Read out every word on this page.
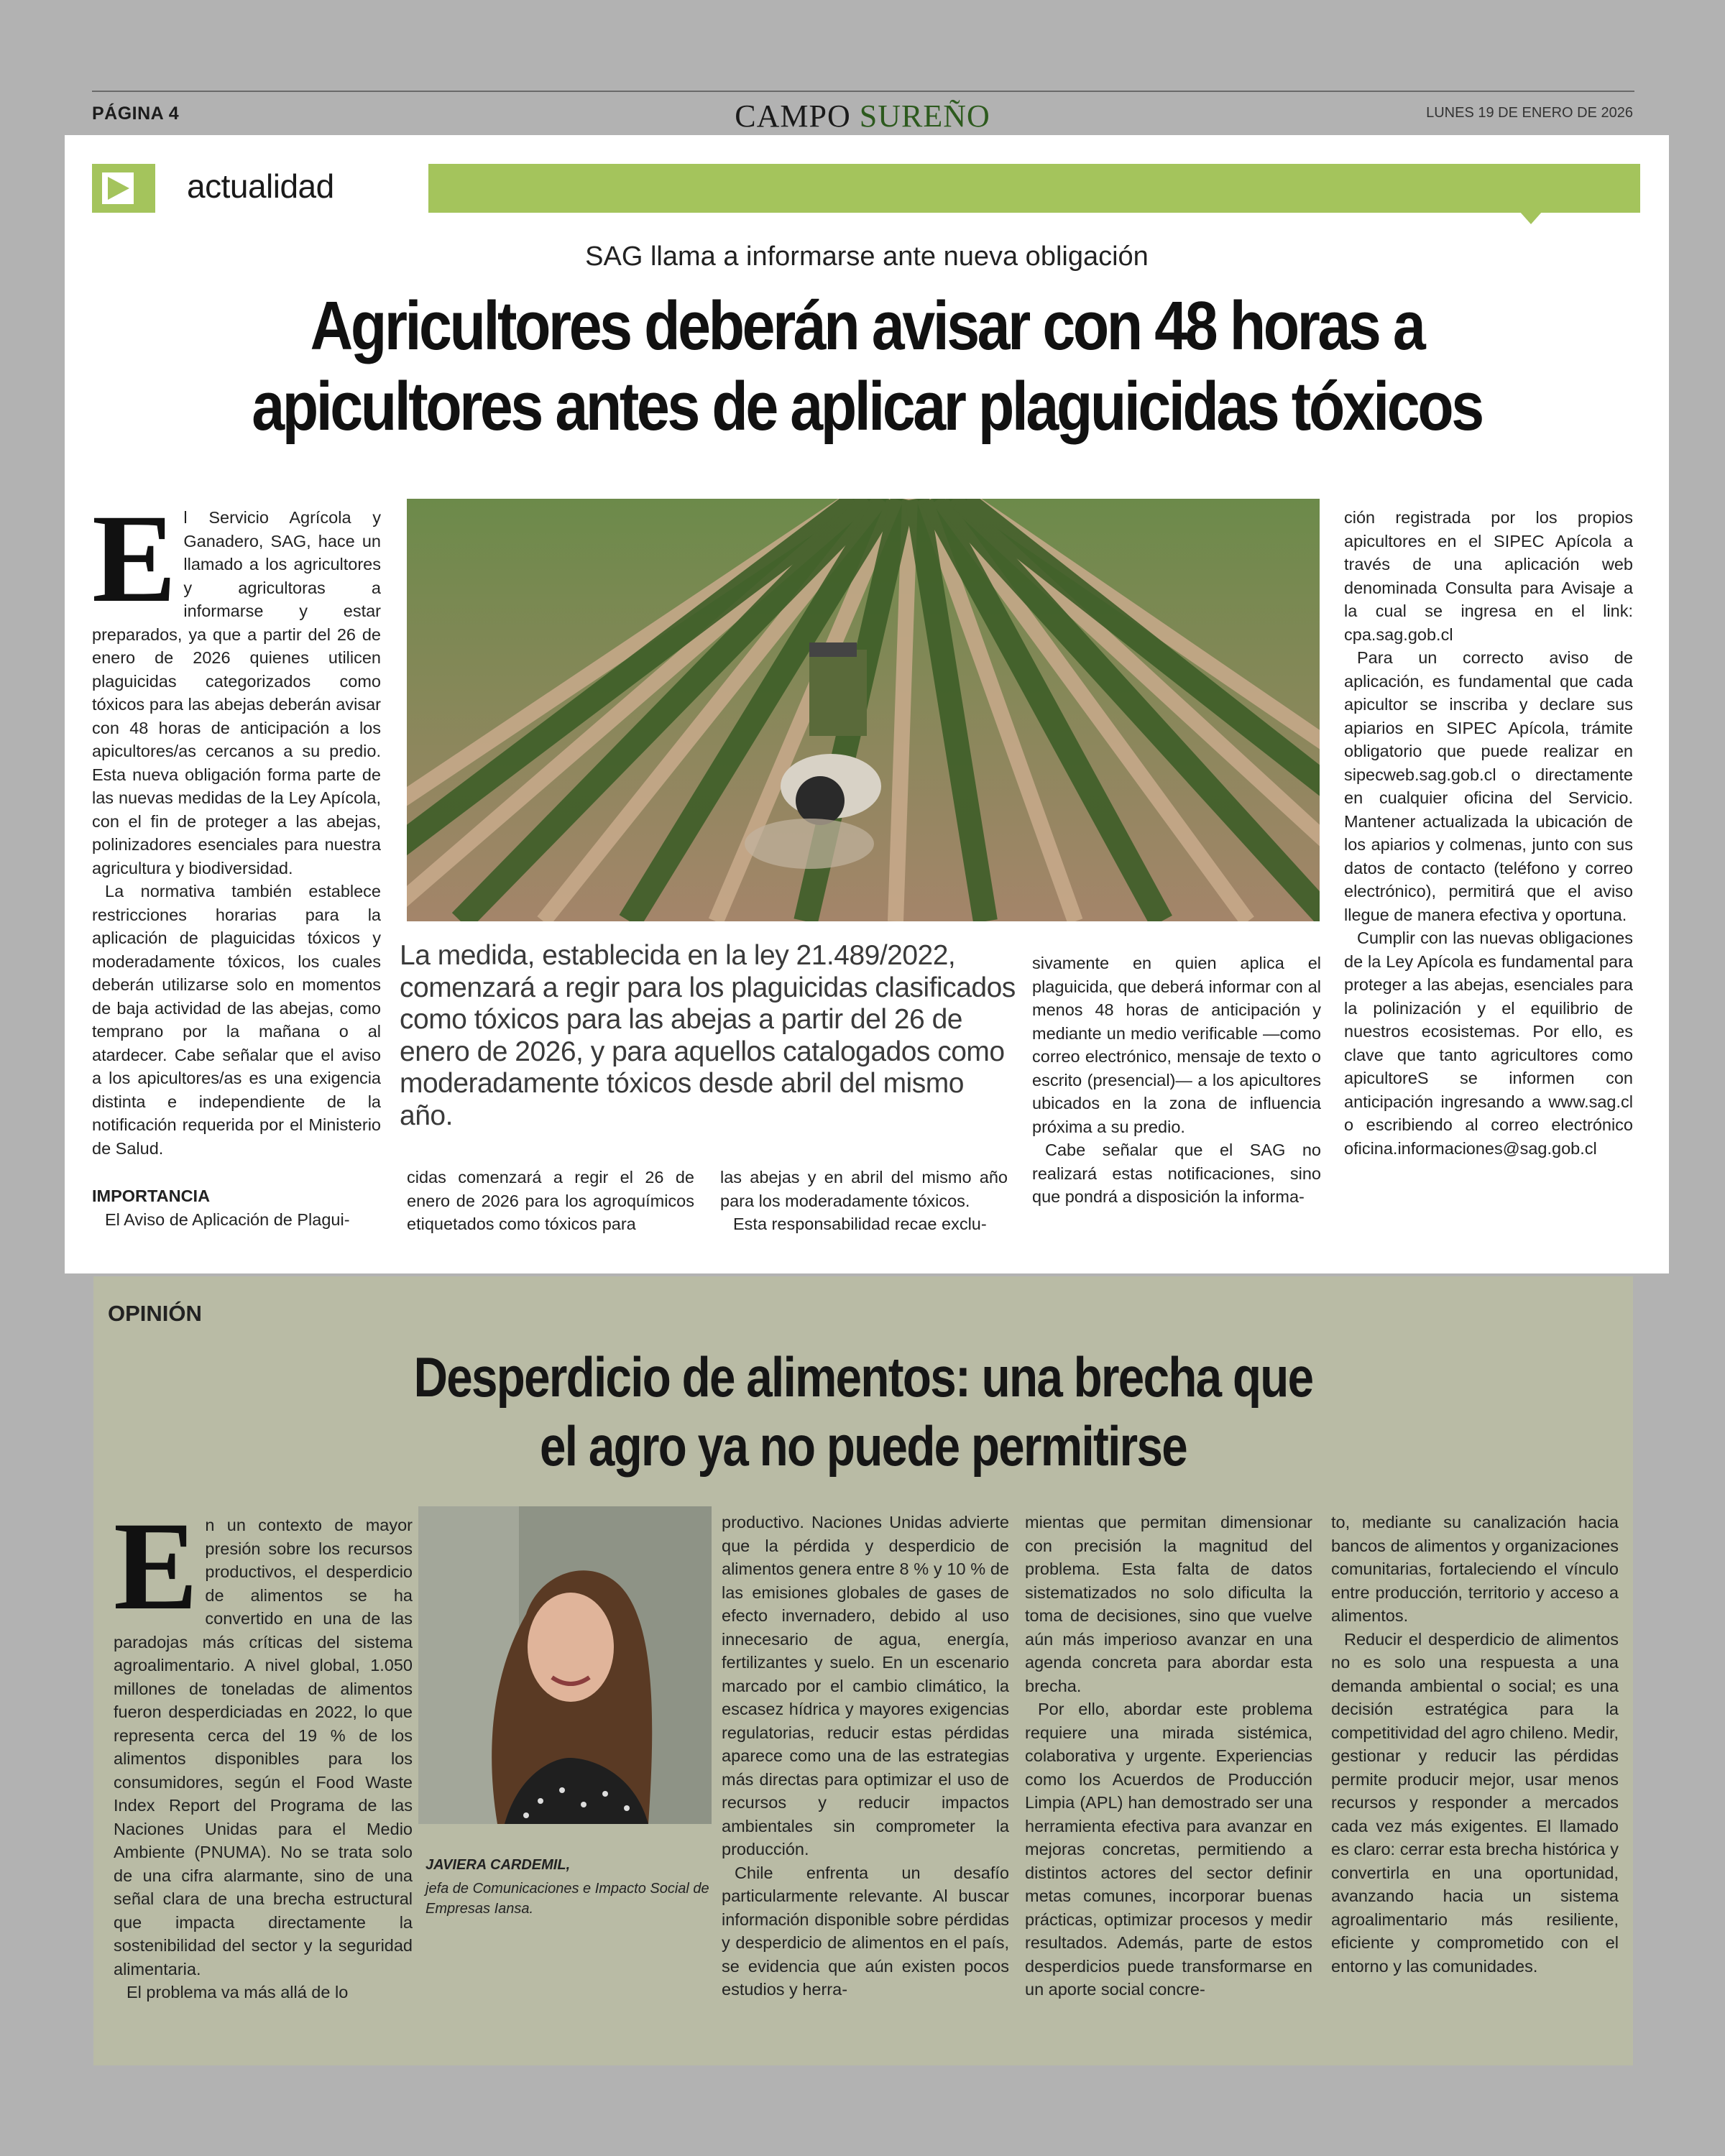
PÁGINA 4	CAMPO SUREÑO	LUNES 19 DE ENERO DE 2026
actualidad
SAG llama a informarse ante nueva obligación
Agricultores deberán avisar con 48 horas a apicultores antes de aplicar plaguicidas tóxicos

El Servicio Agrícola y Ganadero, SAG, hace un llamado a los agricultores y agricultoras a informarse y estar preparados, ya que a partir del 26 de enero de 2026 quienes utilicen plaguicidas categorizados como tóxicos para las abejas deberán avisar con 48 horas de anticipación a los apicultores/as cercanos a su predio. Esta nueva obligación forma parte de las nuevas medidas de la Ley Apícola, con el fin de proteger a las abejas, polinizadores esenciales para nuestra agricultura y biodiversidad.

La normativa también establece restricciones horarias para la aplicación de plaguicidas tóxicos y moderadamente tóxicos, los cuales deberán utilizarse solo en momentos de baja actividad de las abejas, como temprano por la mañana o al atardecer. Cabe señalar que el aviso a los apicultores/as es una exigencia distinta e independiente de la notificación requerida por el Ministerio de Salud.

IMPORTANCIA

El Aviso de Aplicación de Plagui-

La medida, establecida en la ley 21.489/2022, comenzará a regir para los plaguicidas clasificados como tóxicos para las abejas a partir del 26 de enero de 2026, y para aquellos catalogados como moderadamente tóxicos desde abril del mismo año.

cidas comenzará a regir el 26 de enero de 2026 para los agroquímicos etiquetados como tóxicos para

las abejas y en abril del mismo año para los moderadamente tóxicos.

Esta responsabilidad recae exclu-

sivamente en quien aplica el plaguicida, que deberá informar con al menos 48 horas de anticipación y mediante un medio verificable —como correo electrónico, mensaje de texto o escrito (presencial)— a los apicultores ubicados en la zona de influencia próxima a su predio.

Cabe señalar que el SAG no realizará estas notificaciones, sino que pondrá a disposición la informa-

ción registrada por los propios apicultores en el SIPEC Apícola a través de una aplicación web denominada Consulta para Avisaje a la cual se ingresa en el link: cpa.sag.gob.cl

Para un correcto aviso de aplicación, es fundamental que cada apicultor se inscriba y declare sus apiarios en SIPEC Apícola, trámite obligatorio que puede realizar en sipecweb.sag.gob.cl o directamente en cualquier oficina del Servicio. Mantener actualizada la ubicación de los apiarios y colmenas, junto con sus datos de contacto (teléfono y correo electrónico), permitirá que el aviso llegue de manera efectiva y oportuna.

Cumplir con las nuevas obligaciones de la Ley Apícola es fundamental para proteger a las abejas, esenciales para la polinización y el equilibrio de nuestros ecosistemas. Por ello, es clave que tanto agricultores como apicultoreS se informen con anticipación ingresando a www.sag.cl o escribiendo al correo electrónico oficina.informaciones@sag.gob.cl

OPINIÓN
Desperdicio de alimentos: una brecha que
el agro ya no puede permitirse

En un contexto de mayor presión sobre los recursos productivos, el desperdicio de alimentos se ha convertido en una de las paradojas más críticas del sistema agroalimentario. A nivel global, 1.050 millones de toneladas de alimentos fueron desperdiciadas en 2022, lo que representa cerca del 19 % de los alimentos disponibles para los consumidores, según el Food Waste Index Report del Programa de las Naciones Unidas para el Medio Ambiente (PNUMA). No se trata solo de una cifra alarmante, sino de una señal clara de una brecha estructural que impacta directamente la sostenibilidad del sector y la seguridad alimentaria.

El problema va más allá de lo

JAVIERA CARDEMIL,
jefa de Comunicaciones e Impacto Social de Empresas Iansa.

productivo. Naciones Unidas advierte que la pérdida y desperdicio de alimentos genera entre 8 % y 10 % de las emisiones globales de gases de efecto invernadero, debido al uso innecesario de agua, energía, fertilizantes y suelo. En un escenario marcado por el cambio climático, la escasez hídrica y mayores exigencias regulatorias, reducir estas pérdidas aparece como una de las estrategias más directas para optimizar el uso de recursos y reducir impactos ambientales sin comprometer la producción.

Chile enfrenta un desafío particularmente relevante. Al buscar información disponible sobre pérdidas y desperdicio de alimentos en el país, se evidencia que aún existen pocos estudios y herra-

mientas que permitan dimensionar con precisión la magnitud del problema. Esta falta de datos sistematizados no solo dificulta la toma de decisiones, sino que vuelve aún más imperioso avanzar en una agenda concreta para abordar esta brecha.

Por ello, abordar este problema requiere una mirada sistémica, colaborativa y urgente. Experiencias como los Acuerdos de Producción Limpia (APL) han demostrado ser una herramienta efectiva para avanzar en mejoras concretas, permitiendo a distintos actores del sector definir metas comunes, incorporar buenas prácticas, optimizar procesos y medir resultados. Además, parte de estos desperdicios puede transformarse en un aporte social concre-

to, mediante su canalización hacia bancos de alimentos y organizaciones comunitarias, fortaleciendo el vínculo entre producción, territorio y acceso a alimentos.

Reducir el desperdicio de alimentos no es solo una respuesta a una demanda ambiental o social; es una decisión estratégica para la competitividad del agro chileno. Medir, gestionar y reducir las pérdidas permite producir mejor, usar menos recursos y responder a mercados cada vez más exigentes. El llamado es claro: cerrar esta brecha histórica y convertirla en una oportunidad, avanzando hacia un sistema agroalimentario más resiliente, eficiente y comprometido con el entorno y las comunidades.
